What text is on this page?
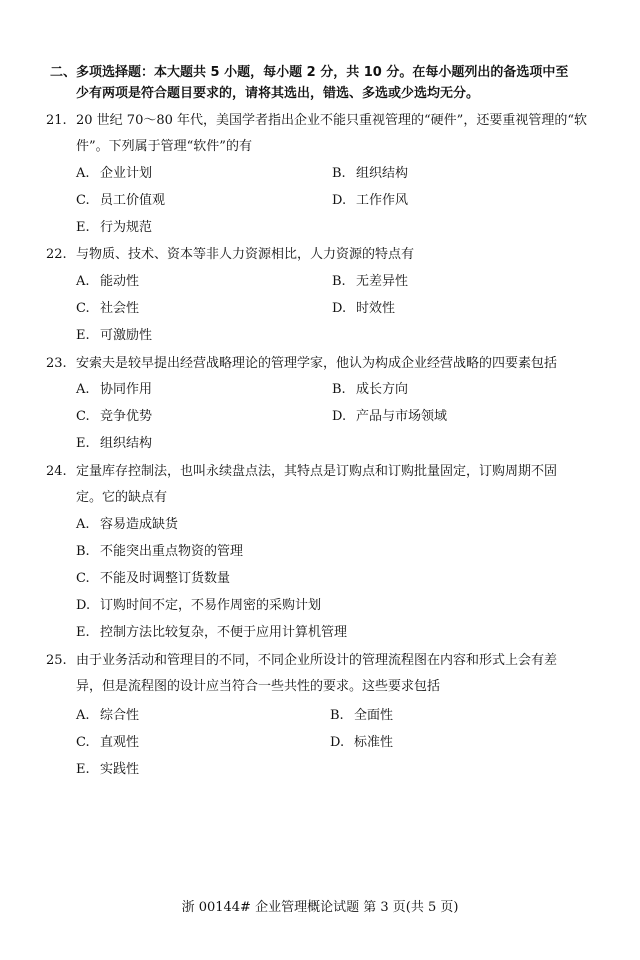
二、多项选择题：本大题共 5 小题，每小题 2 分，共 10 分。在每小题列出的备选项中至
少有两项是符合题目要求的，请将其选出，错选、多选或少选均无分。
21. 20 世纪 70～80 年代，美国学者指出企业不能只重视管理的“硬件”，还要重视管理的“软
件”。下列属于管理“软件”的有
A. 企业计划	B. 组织结构
C. 员工价值观	D. 工作作风
E. 行为规范
22. 与物质、技术、资本等非人力资源相比，人力资源的特点有
A. 能动性	B. 无差异性
C. 社会性	D. 时效性
E. 可激励性
23. 安索夫是较早提出经营战略理论的管理学家，他认为构成企业经营战略的四要素包括
A. 协同作用	B. 成长方向
C. 竞争优势	D. 产品与市场领域
E. 组织结构
24. 定量库存控制法，也叫永续盘点法，其特点是订购点和订购批量固定，订购周期不固
定。它的缺点有
A. 容易造成缺货
B. 不能突出重点物资的管理
C. 不能及时调整订货数量
D. 订购时间不定，不易作周密的采购计划
E. 控制方法比较复杂，不便于应用计算机管理
25. 由于业务活动和管理目的不同，不同企业所设计的管理流程图在内容和形式上会有差
异，但是流程图的设计应当符合一些共性的要求。这些要求包括
A. 综合性	B. 全面性
C. 直观性	D. 标准性
E. 实践性
浙 00144# 企业管理概论试题 第 3 页(共 5 页)
